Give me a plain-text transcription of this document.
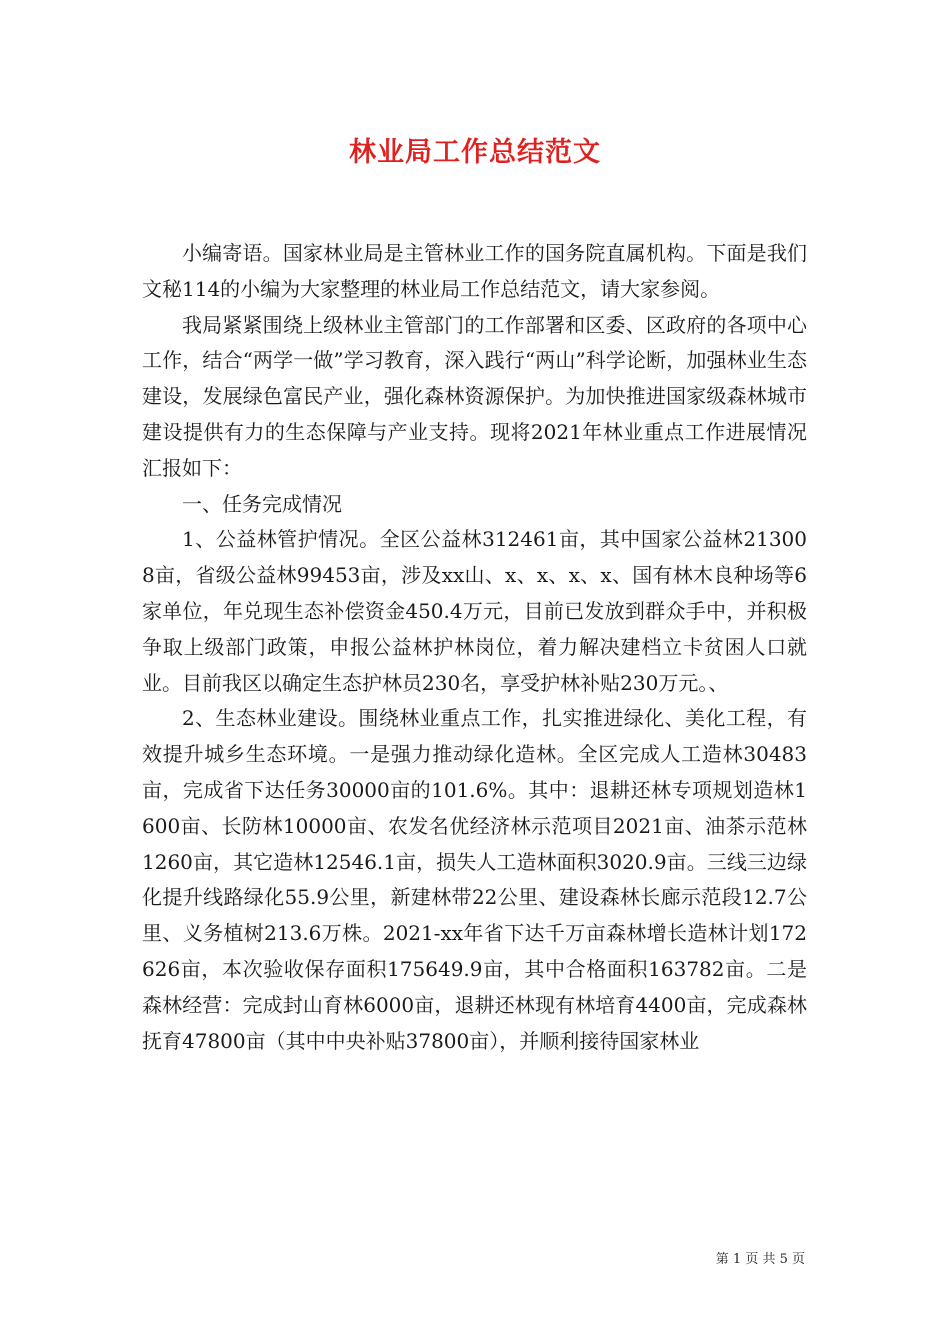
林业局工作总结范文

小编寄语。国家林业局是主管林业工作的国务院直属机构。下面是我们文秘114的小编为大家整理的林业局工作总结范文，请大家参阅。

我局紧紧围绕上级林业主管部门的工作部署和区委、区政府的各项中心工作，结合“两学一做”学习教育，深入践行“两山”科学论断，加强林业生态建设，发展绿色富民产业，强化森林资源保护。为加快推进国家级森林城市建设提供有力的生态保障与产业支持。现将2021年林业重点工作进展情况汇报如下：

一、任务完成情况

1、公益林管护情况。全区公益林312461亩，其中国家公益林213008亩，省级公益林99453亩，涉及xx山、x、x、x、x、国有林木良种场等6家单位，年兑现生态补偿资金450.4万元，目前已发放到群众手中，并积极争取上级部门政策，申报公益林护林岗位，着力解决建档立卡贫困人口就业。目前我区以确定生态护林员230名，享受护林补贴230万元。、

2、生态林业建设。围绕林业重点工作，扎实推进绿化、美化工程，有效提升城乡生态环境。一是强力推动绿化造林。全区完成人工造林30483亩，完成省下达任务30000亩的101.6%。其中：退耕还林专项规划造林1600亩、长防林10000亩、农发名优经济林示范项目2021亩、油茶示范林1260亩，其它造林12546.1亩，损失人工造林面积3020.9亩。三线三边绿化提升线路绿化55.9公里，新建林带22公里、建设森林长廊示范段12.7公里、义务植树213.6万株。2021-xx年省下达千万亩森林增长造林计划172626亩，本次验收保存面积175649.9亩，其中合格面积163782亩。二是森林经营：完成封山育林6000亩，退耕还林现有林培育4400亩，完成森林抚育47800亩（其中中央补贴37800亩），并顺利接待国家林业

第 1 页 共 5 页
